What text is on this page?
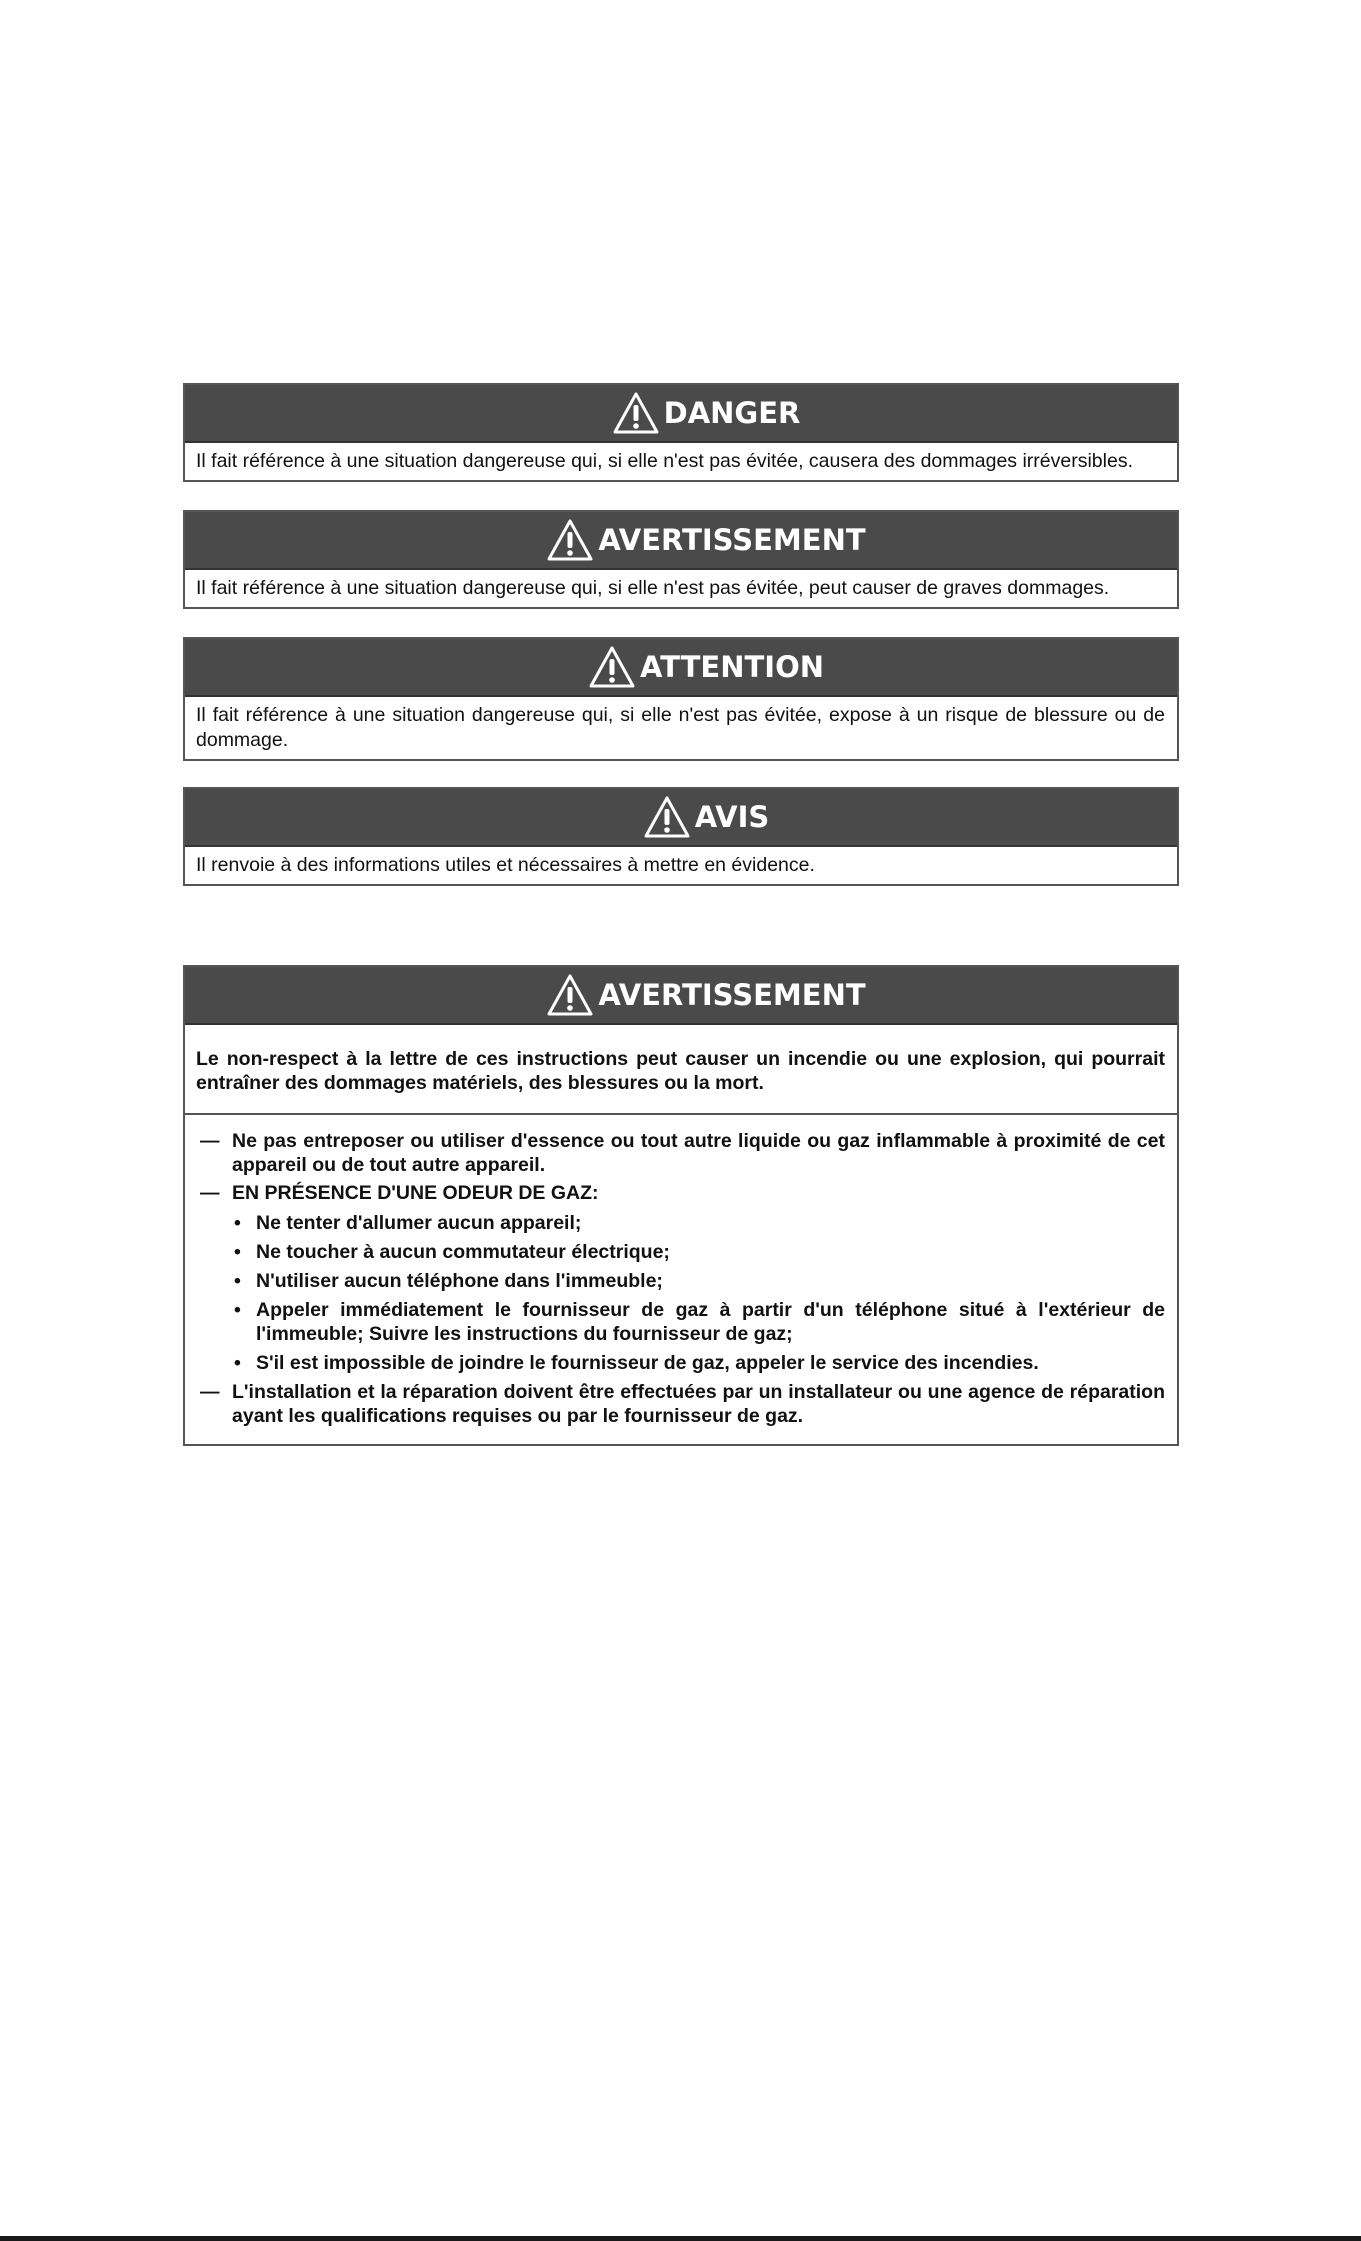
DANGER
Il fait référence à une situation dangereuse qui, si elle n'est pas évitée, causera des dommages irréversibles.
AVERTISSEMENT
Il fait référence à une situation dangereuse qui, si elle n'est pas évitée, peut causer de graves dommages.
ATTENTION
Il fait référence à une situation dangereuse qui, si elle n'est pas évitée, expose à un risque de blessure ou de dommage.
AVIS
Il renvoie à des informations utiles et nécessaires à mettre en évidence.
AVERTISSEMENT
Le non-respect à la lettre de ces instructions peut causer un incendie ou une explosion, qui pourrait entraîner des dommages matériels, des blessures ou la mort.
— Ne pas entreposer ou utiliser d'essence ou tout autre liquide ou gaz inflammable à proximité de cet appareil ou de tout autre appareil.
— EN PRÉSENCE D'UNE ODEUR DE GAZ:
• Ne tenter d'allumer aucun appareil;
• Ne toucher à aucun commutateur électrique;
• N'utiliser aucun téléphone dans l'immeuble;
• Appeler immédiatement le fournisseur de gaz à partir d'un téléphone situé à l'extérieur de l'immeuble; Suivre les instructions du fournisseur de gaz;
• S'il est impossible de joindre le fournisseur de gaz, appeler le service des incendies.
— L'installation et la réparation doivent être effectuées par un installateur ou une agence de réparation ayant les qualifications requises ou par le fournisseur de gaz.
